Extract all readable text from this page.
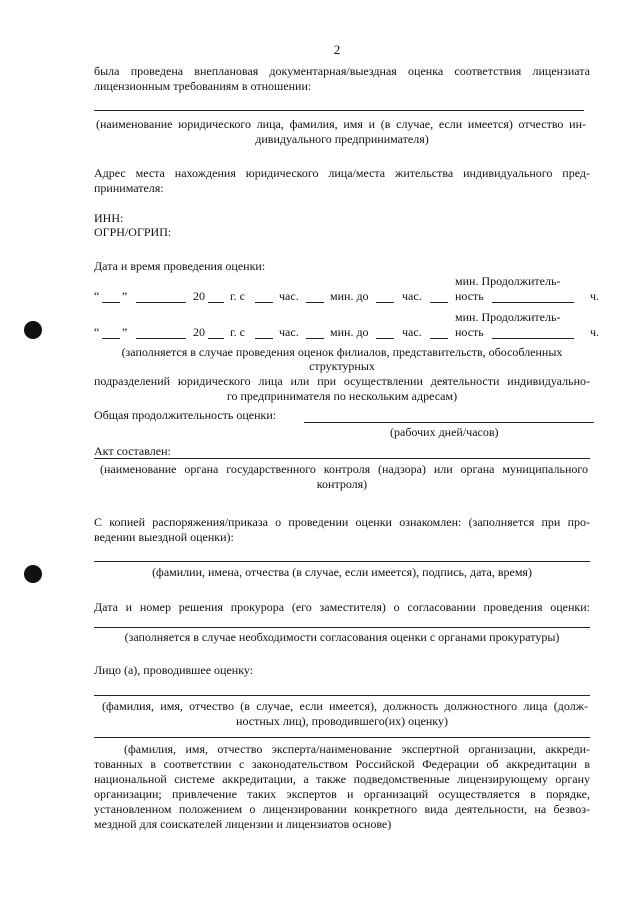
2
была проведена внеплановая документарная/выездная оценка соответствия лицензиата
лицензионным требованиям в отношении:
(наименование юридического лица, фамилия, имя и (в случае, если имеется) отчество ин-
дивидуального предпринимателя)
Адрес места нахождения юридического лица/места жительства индивидуального пред-
принимателя:
ИНН:
ОГРН/ОГРИП:
Дата и время проведения оценки:
мин. Продолжитель-
“ ”	20 г. с	час.	мин. до	час.	ность	ч.
мин. Продолжитель-
“ ”	20 г. с	час.	мин. до	час.	ность	ч.
(заполняется в случае проведения оценок филиалов, представительств, обособленных
структурных
подразделений юридического лица или при осуществлении деятельности индивидуально-
го предпринимателя по нескольким адресам)
Общая продолжительность оценки:
(рабочих дней/часов)
Акт составлен:
(наименование органа государственного контроля (надзора) или органа муниципального
контроля)
С копией распоряжения/приказа о проведении оценки ознакомлен: (заполняется при про-
ведении выездной оценки):
(фамилии, имена, отчества (в случае, если имеется), подпись, дата, время)
Дата и номер решения прокурора (его заместителя) о согласовании проведения оценки:
(заполняется в случае необходимости согласования оценки с органами прокуратуры)
Лицо (а), проводившее оценку:
(фамилия, имя, отчество (в случае, если имеется), должность должностного лица (долж-
ностных лиц), проводившего(их) оценку)
(фамилия, имя, отчество эксперта/наименование экспертной организации, аккреди-
тованных в соответствии с законодательством Российской Федерации об аккредитации в
национальной системе аккредитации, а также подведомственные лицензирующему органу
организации; привлечение таких экспертов и организаций осуществляется в порядке,
установленном положением о лицензировании конкретного вида деятельности, на безвоз-
мездной для соискателей лицензии и лицензиатов основе)
